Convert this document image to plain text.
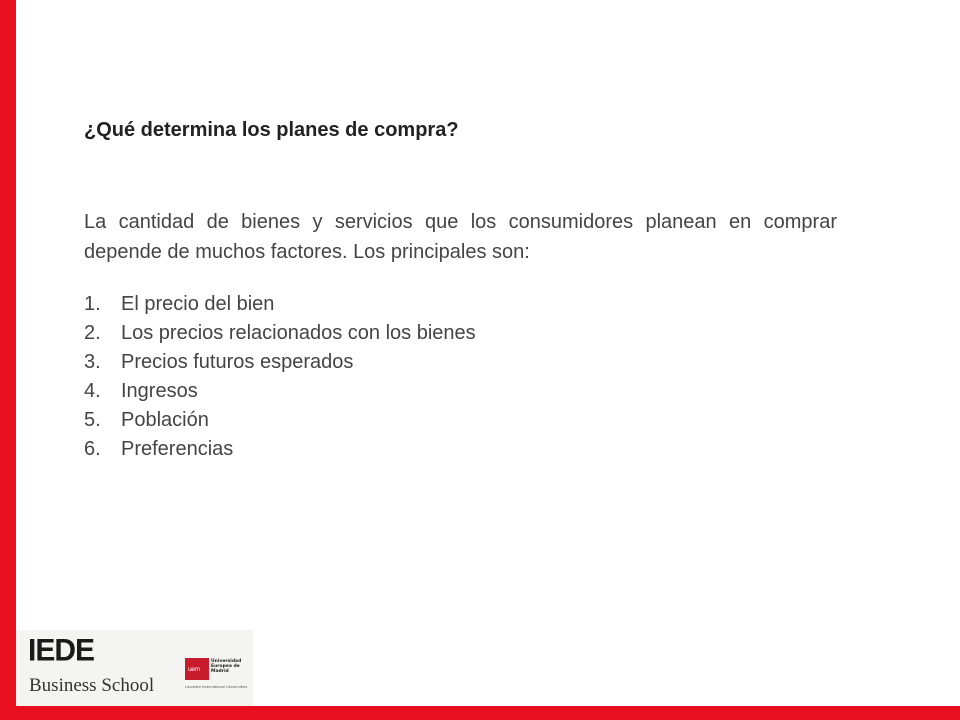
¿Qué determina los planes de compra?

La cantidad de bienes y servicios que los consumidores planean en comprar depende de muchos factores. Los principales son:

1. El precio del bien
2. Los precios relacionados con los bienes
3. Precios futuros esperados
4. Ingresos
5. Población
6. Preferencias
IEDE
Business School
uem
Universidad Europea de Madrid
Laureate International Universities
